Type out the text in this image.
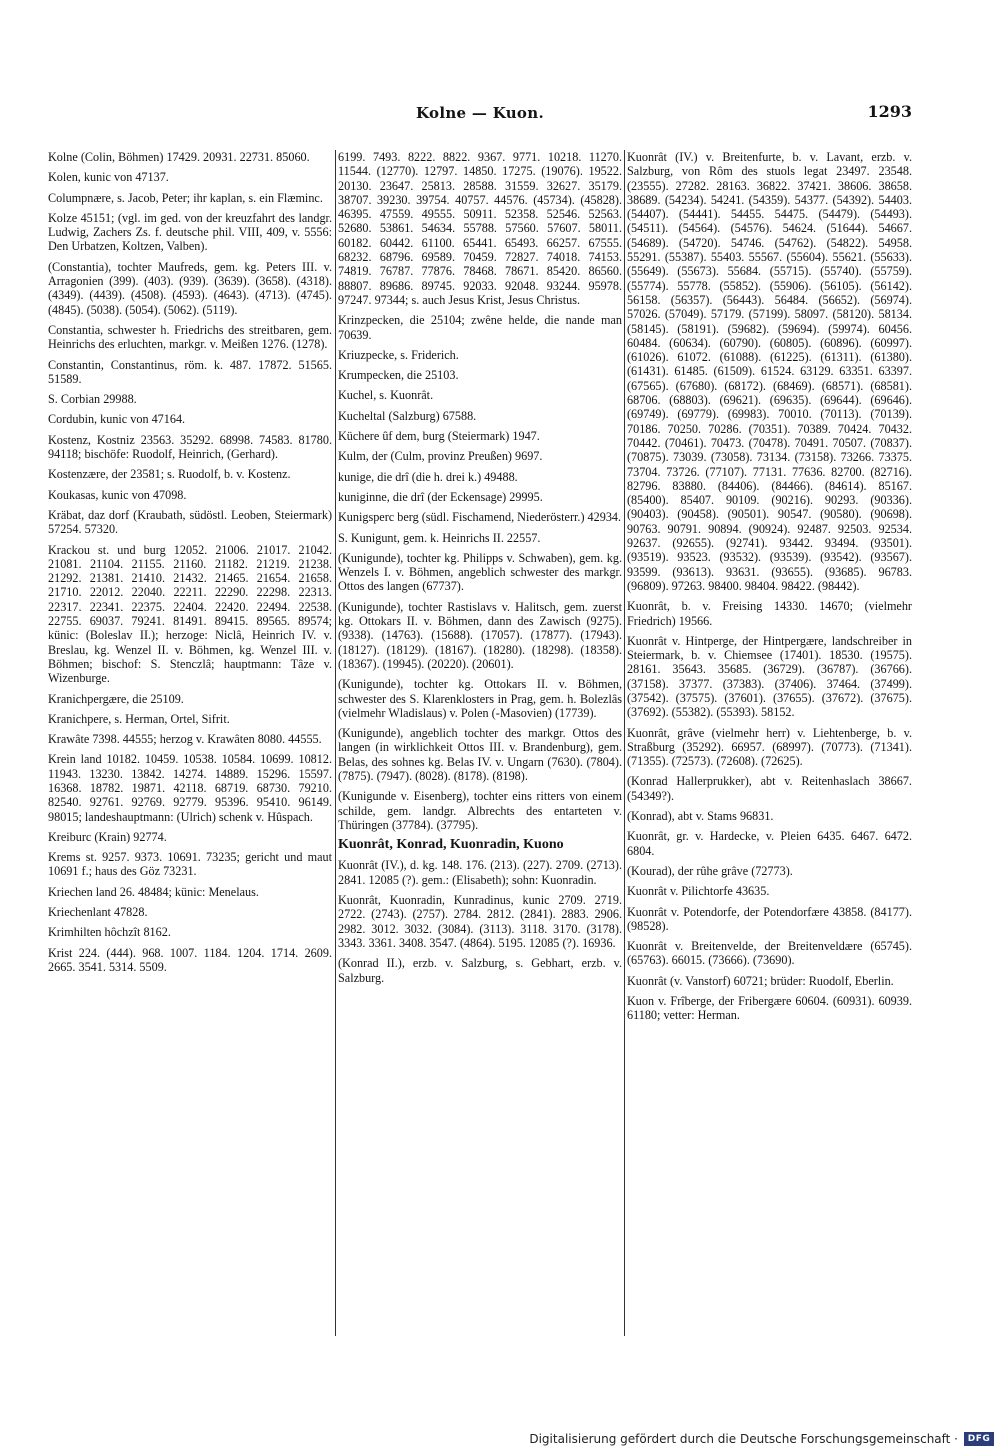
Kolne — Kuon.	1293
Kolne (Colin, Böhmen) 17429. 20931. 22731. 85060.
Kolen, kunic von 47137.
Columpnære, s. Jacob, Peter; ihr kaplan, s. ein Flæminc.
Kolze 45151; (vgl. im ged. von der kreuzfahrt des landgr. Ludwig, Zachers Zs. f. deutsche phil. VIII, 409, v. 5556: Den Urbatzen, Koltzen, Valben).
(Constantia), tochter Maufreds, gem. kg. Peters III. v. Arragonien (399). (403). (939). (3639). (3658). (4318). (4349). (4439). (4508). (4593). (4643). (4713). (4745). (4845). (5038). (5054). (5062). (5119).
Constantia, schwester h. Friedrichs des streitbaren, gem. Heinrichs des erluchten, markgr. v. Meißen 1276. (1278).
Constantin, Constantinus, röm. k. 487. 17872. 51565. 51589.
S. Corbian 29988.
Cordubin, kunic von 47164.
Kostenz, Kostniz 23563. 35292. 68998. 74583. 81780. 94118; bischöfe: Ruodolf, Heinrich, (Gerhard).
Kostenzære, der 23581; s. Ruodolf, b. v. Kostenz.
Koukasas, kunic von 47098.
Kräbat, daz dorf (Kraubath, südöstl. Leoben, Steiermark) 57254. 57320.
Krackou st. und burg 12052. 21006. 21017. 21042. 21081. 21104. 21155. 21160. 21182. 21219. 21238. 21292. 21381. 21410. 21432. 21465. 21654. 21658. 21710. 22012. 22040. 22211. 22290. 22298. 22313. 22317. 22341. 22375. 22404. 22420. 22494. 22538. 22755. 69037. 79241. 81491. 89415. 89565. 89574; künic: (Boleslav II.); herzoge: Niclâ, Heinrich IV. v. Breslau, kg. Wenzel II. v. Böhmen, kg. Wenzel III. v. Böhmen; bischof: S. Stenczlâ; hauptmann: Tâze v. Wizenburge.
Kranichpergære, die 25109.
Kranichpere, s. Herman, Ortel, Sifrit.
Krawâte 7398. 44555; herzog v. Krawâten 8080. 44555.
Krein land 10182. 10459. 10538. 10584. 10699. 10812. 11943. 13230. 13842. 14274. 14889. 15296. 15597. 16368. 18782. 19871. 42118. 68719. 68730. 79210. 82540. 92761. 92769. 92779. 95396. 95410. 96149. 98015; landeshauptmann: (Ulrich) schenk v. Hûspach.
Kreiburc (Krain) 92774.
Krems st. 9257. 9373. 10691. 73235; gericht und maut 10691 f.; haus des Göz 73231.
Kriechen land 26. 48484; künic: Menelaus.
Kriechenlant 47828.
Krimhilten hôchzît 8162.
Krist 224. (444). 968. 1007. 1184. 1204. 1714. 2609. 2665. 3541. 5314. 5509.
6199. 7493. 8222. 8822. 9367. 9771. 10218. 11270. 11544. (12770). 12797. 14850. 17275. (19076). 19522. 20130. 23647. 25813. 28588. 31559. 32627. 35179. 38707. 39230. 39754. 40757. 44576. (45734). (45828). 46395. 47559. 49555. 50911. 52358. 52546. 52563. 52680. 53861. 54634. 55788. 57560. 57607. 58011. 60182. 60442. 61100. 65441. 65493. 66257. 67555. 68232. 68796. 69589. 70459. 72827. 74018. 74153. 74819. 76787. 77876. 78468. 78671. 85420. 86560. 88807. 89686. 89745. 92033. 92048. 93244. 95978. 97247. 97344; s. auch Jesus Krist, Jesus Christus.
Krinzpecken, die 25104; zwêne helde, die nande man 70639.
Kriuzpecke, s. Friderich.
Krumpecken, die 25103.
Kuchel, s. Kuonrât.
Kucheltal (Salzburg) 67588.
Küchere ûf dem, burg (Steiermark) 1947.
Kulm, der (Culm, provinz Preußen) 9697.
kunige, die drî (die h. drei k.) 49488.
kuniginne, die drî (der Eckensage) 29995.
Kunigsperc berg (südl. Fischamend, Niederösterr.) 42934.
S. Kunigunt, gem. k. Heinrichs II. 22557.
(Kunigunde), tochter kg. Philipps v. Schwaben), gem. kg. Wenzels I. v. Böhmen, angeblich schwester des markgr. Ottos des langen (67737).
(Kunigunde), tochter Rastislavs v. Halitsch, gem. zuerst kg. Ottokars II. v. Böhmen, dann des Zawisch (9275). (9338). (14763). (15688). (17057). (17877). (17943). (18127). (18129). (18167). (18280). (18298). (18358). (18367). (19945). (20220). (20601).
(Kunigunde), tochter kg. Ottokars II. v. Böhmen, schwester des S. Klarenklosters in Prag, gem. h. Bolezlâs (vielmehr Wladislaus) v. Polen (-Masovien) (17739).
(Kunigunde), angeblich tochter des markgr. Ottos des langen (in wirklichkeit Ottos III. v. Brandenburg), gem. Belas, des sohnes kg. Belas IV. v. Ungarn (7630). (7804). (7875). (7947). (8028). (8178). (8198).
(Kunigunde v. Eisenberg), tochter eins ritters von einem schilde, gem. landgr. Albrechts des entarteten v. Thüringen (37784). (37795).
Kuonrât, Konrad, Kuonradin, Kuono
Kuonrât (IV.), d. kg. 148. 176. (213). (227). 2709. (2713). 2841. 12085 (?). gem.: (Elisabeth); sohn: Kuonradin.
Kuonrât, Kuonradin, Kunradinus, kunic 2709. 2719. 2722. (2743). (2757). 2784. 2812. (2841). 2883. 2906. 2982. 3012. 3032. (3084). (3113). 3118. 3170. (3178). 3343. 3361. 3408. 3547. (4864). 5195. 12085 (?). 16936.
(Konrad II.), erzb. v. Salzburg, s. Gebhart, erzb. v. Salzburg.
Kuonrât (IV.) v. Breitenfurte, b. v. Lavant, erzb. v. Salzburg, von Rôm des stuols legat 23497. 23548. (23555). 27282. 28163. 36822. 37421. 38606. 38658. 38689. (54234). 54241. (54359). 54377. (54392). 54403. (54407). (54441). 54455. 54475. (54479). (54493). (54511). (54564). (54576). 54624. (51644). 54667. (54689). (54720). 54746. (54762). (54822). 54958. 55291. (55387). 55403. 55567. (55604). 55621. (55633). (55649). (55673). 55684. (55715). (55740). (55759). (55774). 55778. (55852). (55906). (56105). (56142). 56158. (56357). (56443). 56484. (56652). (56974). 57026. (57049). 57179. (57199). 58097. (58120). 58134. (58145). (58191). (59682). (59694). (59974). 60456. 60484. (60634). (60790). (60805). (60896). (60997). (61026). 61072. (61088). (61225). (61311). (61380). (61431). 61485. (61509). 61524. 63129. 63351. 63397. (67565). (67680). (68172). (68469). (68571). (68581). 68706. (68803). (69621). (69635). (69644). (69646). (69749). (69779). (69983). 70010. (70113). (70139). 70186. 70250. 70286. (70351). 70389. 70424. 70432. 70442. (70461). 70473. (70478). 70491. 70507. (70837). (70875). 73039. (73058). 73134. (73158). 73266. 73375. 73704. 73726. (77107). 77131. 77636. 82700. (82716). 82796. 83880. (84406). (84466). (84614). 85167. (85400). 85407. 90109. (90216). 90293. (90336). (90403). (90458). (90501). 90547. (90580). (90698). 90763. 90791. 90894. (90924). 92487. 92503. 92534. 92637. (92655). (92741). 93442. 93494. (93501). (93519). 93523. (93532). (93539). (93542). (93567). 93599. (93613). 93631. (93655). (93685). 96783. (96809). 97263. 98400. 98404. 98422. (98442).
Kuonrât, b. v. Freising 14330. 14670; (vielmehr Friedrich) 19566.
Kuonrât v. Hintperge, der Hintpergære, landschreiber in Steiermark, b. v. Chiemsee (17401). 18530. (19575). 28161. 35643. 35685. (36729). (36787). (36766). (37158). 37377. (37383). (37406). 37464. (37499). (37542). (37575). (37601). (37655). (37672). (37675). (37692). (55382). (55393). 58152.
Kuonrât, grâve (vielmehr herr) v. Liehtenberge, b. v. Straßburg (35292). 66957. (68997). (70773). (71341). (71355). (72573). (72608). (72625).
(Konrad Hallerprukker), abt v. Reitenhaslach 38667. (54349?).
(Konrad), abt v. Stams 96831.
Kuonrât, gr. v. Hardecke, v. Pleien 6435. 6467. 6472. 6804.
(Kourad), der rûhe grâve (72773).
Kuonrât v. Pilichtorfe 43635.
Kuonrât v. Potendorfe, der Potendorfære 43858. (84177). (98528).
Kuonrât v. Breitenvelde, der Breitenveldære (65745). (65763). 66015. (73666). (73690).
Kuonrât (v. Vanstorf) 60721; brüder: Ruodolf, Eberlin.
Kuon v. Frîberge, der Fribergære 60604. (60931). 60939. 61180; vetter: Herman.
Digitalisierung gefördert durch die Deutsche Forschungsgemeinschaft ·	DFG
